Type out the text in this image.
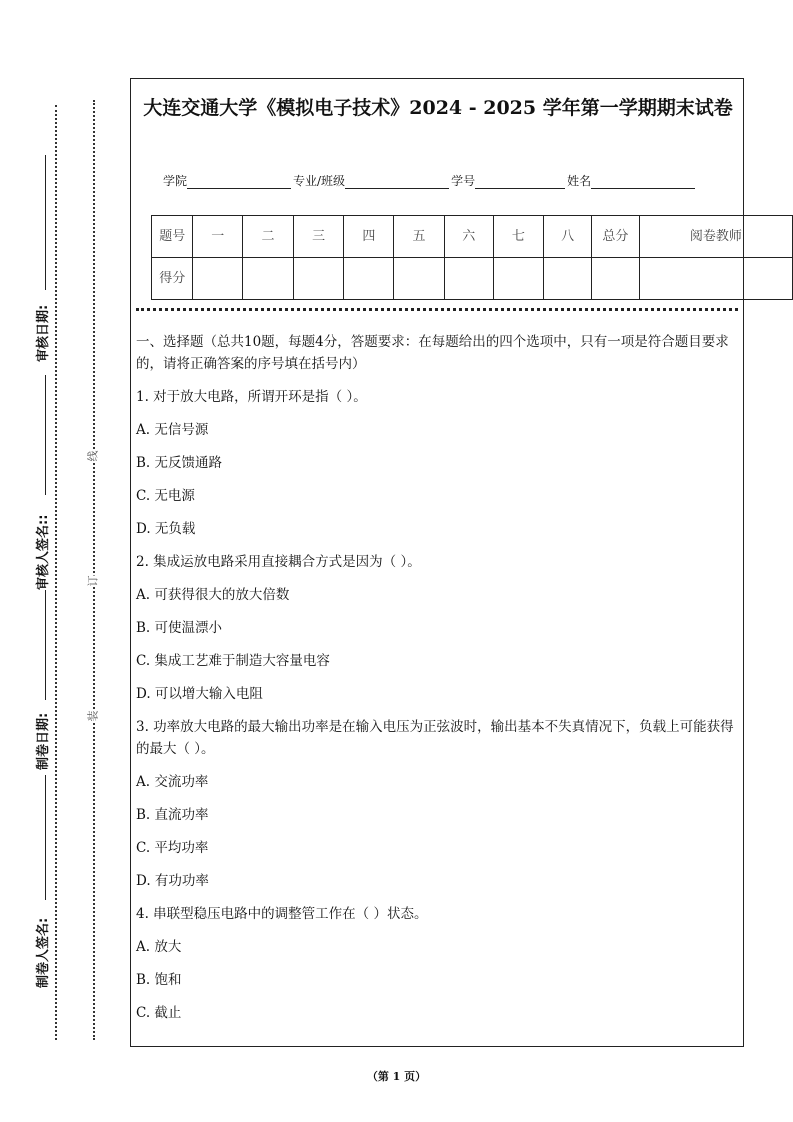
线
订
装
审核日期:
审核人签名::
制卷日期:
制卷人签名:
大连交通大学《模拟电子技术》2024 - 2025 学年第一学期期末试卷
学院	专业/班级	学号	姓名
题号	一	二	三	四	五	六	七	八	总分	阅卷教师
得分										
一、选择题（总共10题，每题4分，答题要求：在每题给出的四个选项中，只有一项是符合题目要求的，请将正确答案的序号填在括号内）
1. 对于放大电路，所谓开环是指（ ）。
A. 无信号源
B. 无反馈通路
C. 无电源
D. 无负载
2. 集成运放电路采用直接耦合方式是因为（ ）。
A. 可获得很大的放大倍数
B. 可使温漂小
C. 集成工艺难于制造大容量电容
D. 可以增大输入电阻
3. 功率放大电路的最大输出功率是在输入电压为正弦波时，输出基本不失真情况下，负载上可能获得的最大（ ）。
A. 交流功率
B. 直流功率
C. 平均功率
D. 有功功率
4. 串联型稳压电路中的调整管工作在（ ）状态。
A. 放大
B. 饱和
C. 截止
（第 1 页）
